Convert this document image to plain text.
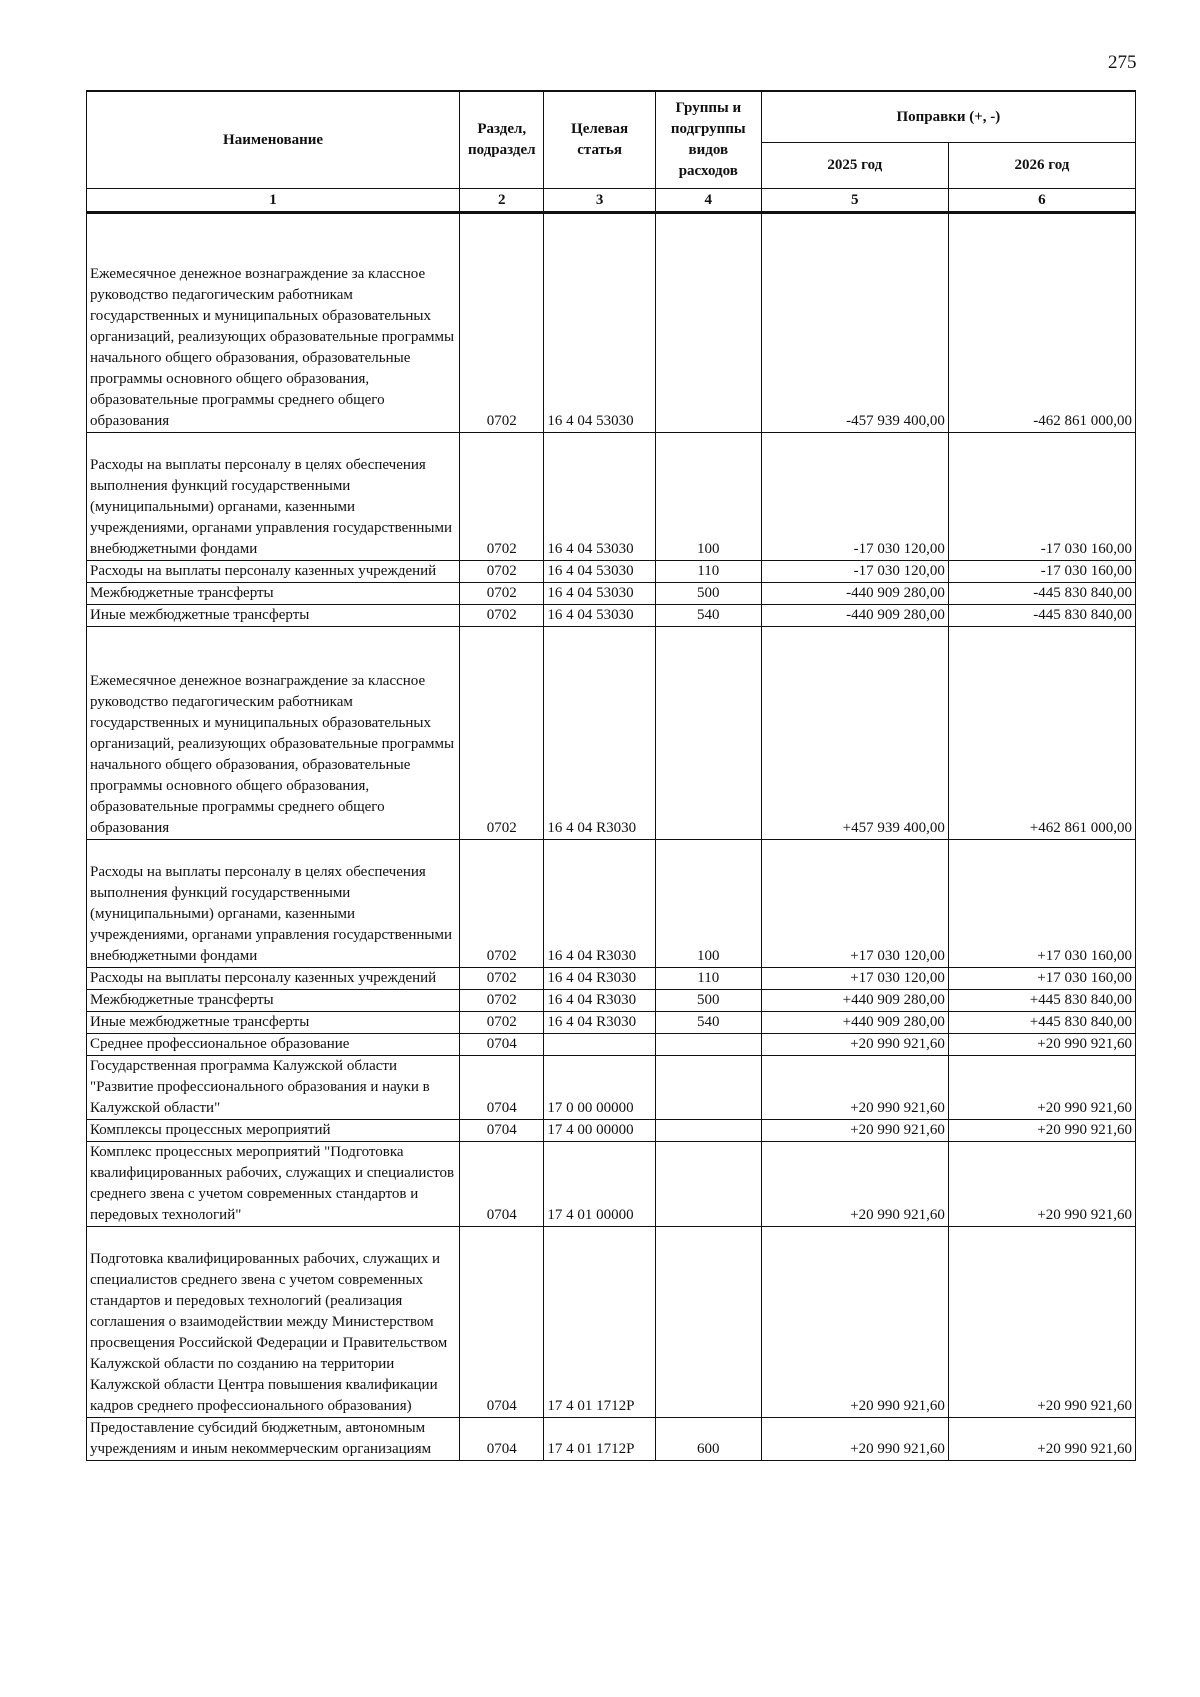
275
Наименование	Раздел, подраздел	Целевая статья	Группы и подгруппы видов расходов	Поправки (+, -)	
				2025 год	2026 год
1	2	3	4	5	6
Ежемесячное денежное вознаграждение за классное руководство педагогическим работникам государственных и муниципальных образовательных организаций, реализующих образовательные программы начального общего образования, образовательные программы основного общего образования, образовательные программы среднего общего образования	0702	16 4 04 53030		-457 939 400,00	-462 861 000,00
Расходы на выплаты персоналу в целях обеспечения выполнения функций государственными (муниципальными) органами, казенными учреждениями, органами управления государственными внебюджетными фондами	0702	16 4 04 53030	100	-17 030 120,00	-17 030 160,00
Расходы на выплаты персоналу казенных учреждений	0702	16 4 04 53030	110	-17 030 120,00	-17 030 160,00
Межбюджетные трансферты	0702	16 4 04 53030	500	-440 909 280,00	-445 830 840,00
Иные межбюджетные трансферты	0702	16 4 04 53030	540	-440 909 280,00	-445 830 840,00
Ежемесячное денежное вознаграждение за классное руководство педагогическим работникам государственных и муниципальных образовательных организаций, реализующих образовательные программы начального общего образования, образовательные программы основного общего образования, образовательные программы среднего общего образования	0702	16 4 04 R3030		+457 939 400,00	+462 861 000,00
Расходы на выплаты персоналу в целях обеспечения выполнения функций государственными (муниципальными) органами, казенными учреждениями, органами управления государственными внебюджетными фондами	0702	16 4 04 R3030	100	+17 030 120,00	+17 030 160,00
Расходы на выплаты персоналу казенных учреждений	0702	16 4 04 R3030	110	+17 030 120,00	+17 030 160,00
Межбюджетные трансферты	0702	16 4 04 R3030	500	+440 909 280,00	+445 830 840,00
Иные межбюджетные трансферты	0702	16 4 04 R3030	540	+440 909 280,00	+445 830 840,00
Среднее профессиональное образование	0704			+20 990 921,60	+20 990 921,60
Государственная программа Калужской области "Развитие профессионального образования и науки в Калужской области"	0704	17 0 00 00000		+20 990 921,60	+20 990 921,60
Комплексы процессных мероприятий	0704	17 4 00 00000		+20 990 921,60	+20 990 921,60
Комплекс процессных мероприятий "Подготовка квалифицированных рабочих, служащих и специалистов среднего звена с учетом современных стандартов и передовых технологий"	0704	17 4 01 00000		+20 990 921,60	+20 990 921,60
Подготовка квалифицированных рабочих, служащих и специалистов среднего звена с учетом современных стандартов и передовых технологий (реализация соглашения о взаимодействии между Министерством просвещения Российской Федерации и Правительством Калужской области по созданию на территории Калужской области Центра повышения квалификации кадров среднего профессионального образования)	0704	17 4 01 1712Р		+20 990 921,60	+20 990 921,60
Предоставление субсидий бюджетным, автономным учреждениям и иным некоммерческим организациям	0704	17 4 01 1712Р	600	+20 990 921,60	+20 990 921,60
